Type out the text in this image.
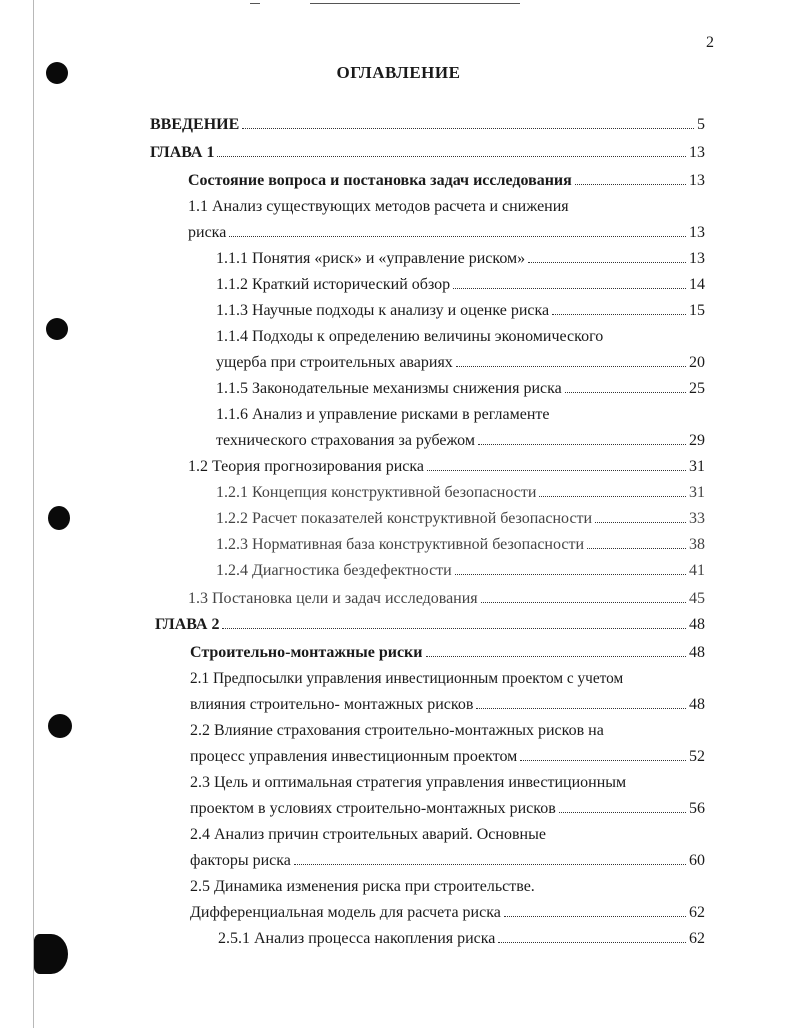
2
ОГЛАВЛЕНИЕ
ВВЕДЕНИЕ	5
ГЛАВА 1	13
Состояние вопроса и постановка задач исследования	13
1.1 Анализ существующих методов расчета и снижения
риска	13
1.1.1 Понятия «риск» и «управление риском»	13
1.1.2 Краткий исторический обзор	14
1.1.3 Научные подходы к анализу и оценке риска	15
1.1.4 Подходы к определению величины экономического
ущерба при строительных авариях	20
1.1.5 Законодательные механизмы снижения риска	25
1.1.6 Анализ и управление рисками в регламенте
технического страхования за рубежом	29
1.2 Теория прогнозирования риска	31
1.2.1 Концепция конструктивной безопасности	31
1.2.2 Расчет показателей конструктивной безопасности	33
1.2.3 Нормативная база конструктивной безопасности	38
1.2.4 Диагностика бездефектности	41
1.3 Постановка цели и задач исследования	45
ГЛАВА 2	48
Строительно-монтажные риски	48
2.1 Предпосылки управления инвестиционным проектом с учетом
влияния строительно- монтажных рисков	48
2.2 Влияние страхования строительно-монтажных рисков на
процесс управления инвестиционным проектом	52
2.3 Цель и оптимальная стратегия управления инвестиционным
проектом в условиях строительно-монтажных рисков	56
2.4 Анализ причин строительных аварий. Основные
факторы риска	60
2.5 Динамика изменения риска при строительстве.
Дифференциальная модель для расчета риска	62
2.5.1 Анализ процесса накопления риска	62
